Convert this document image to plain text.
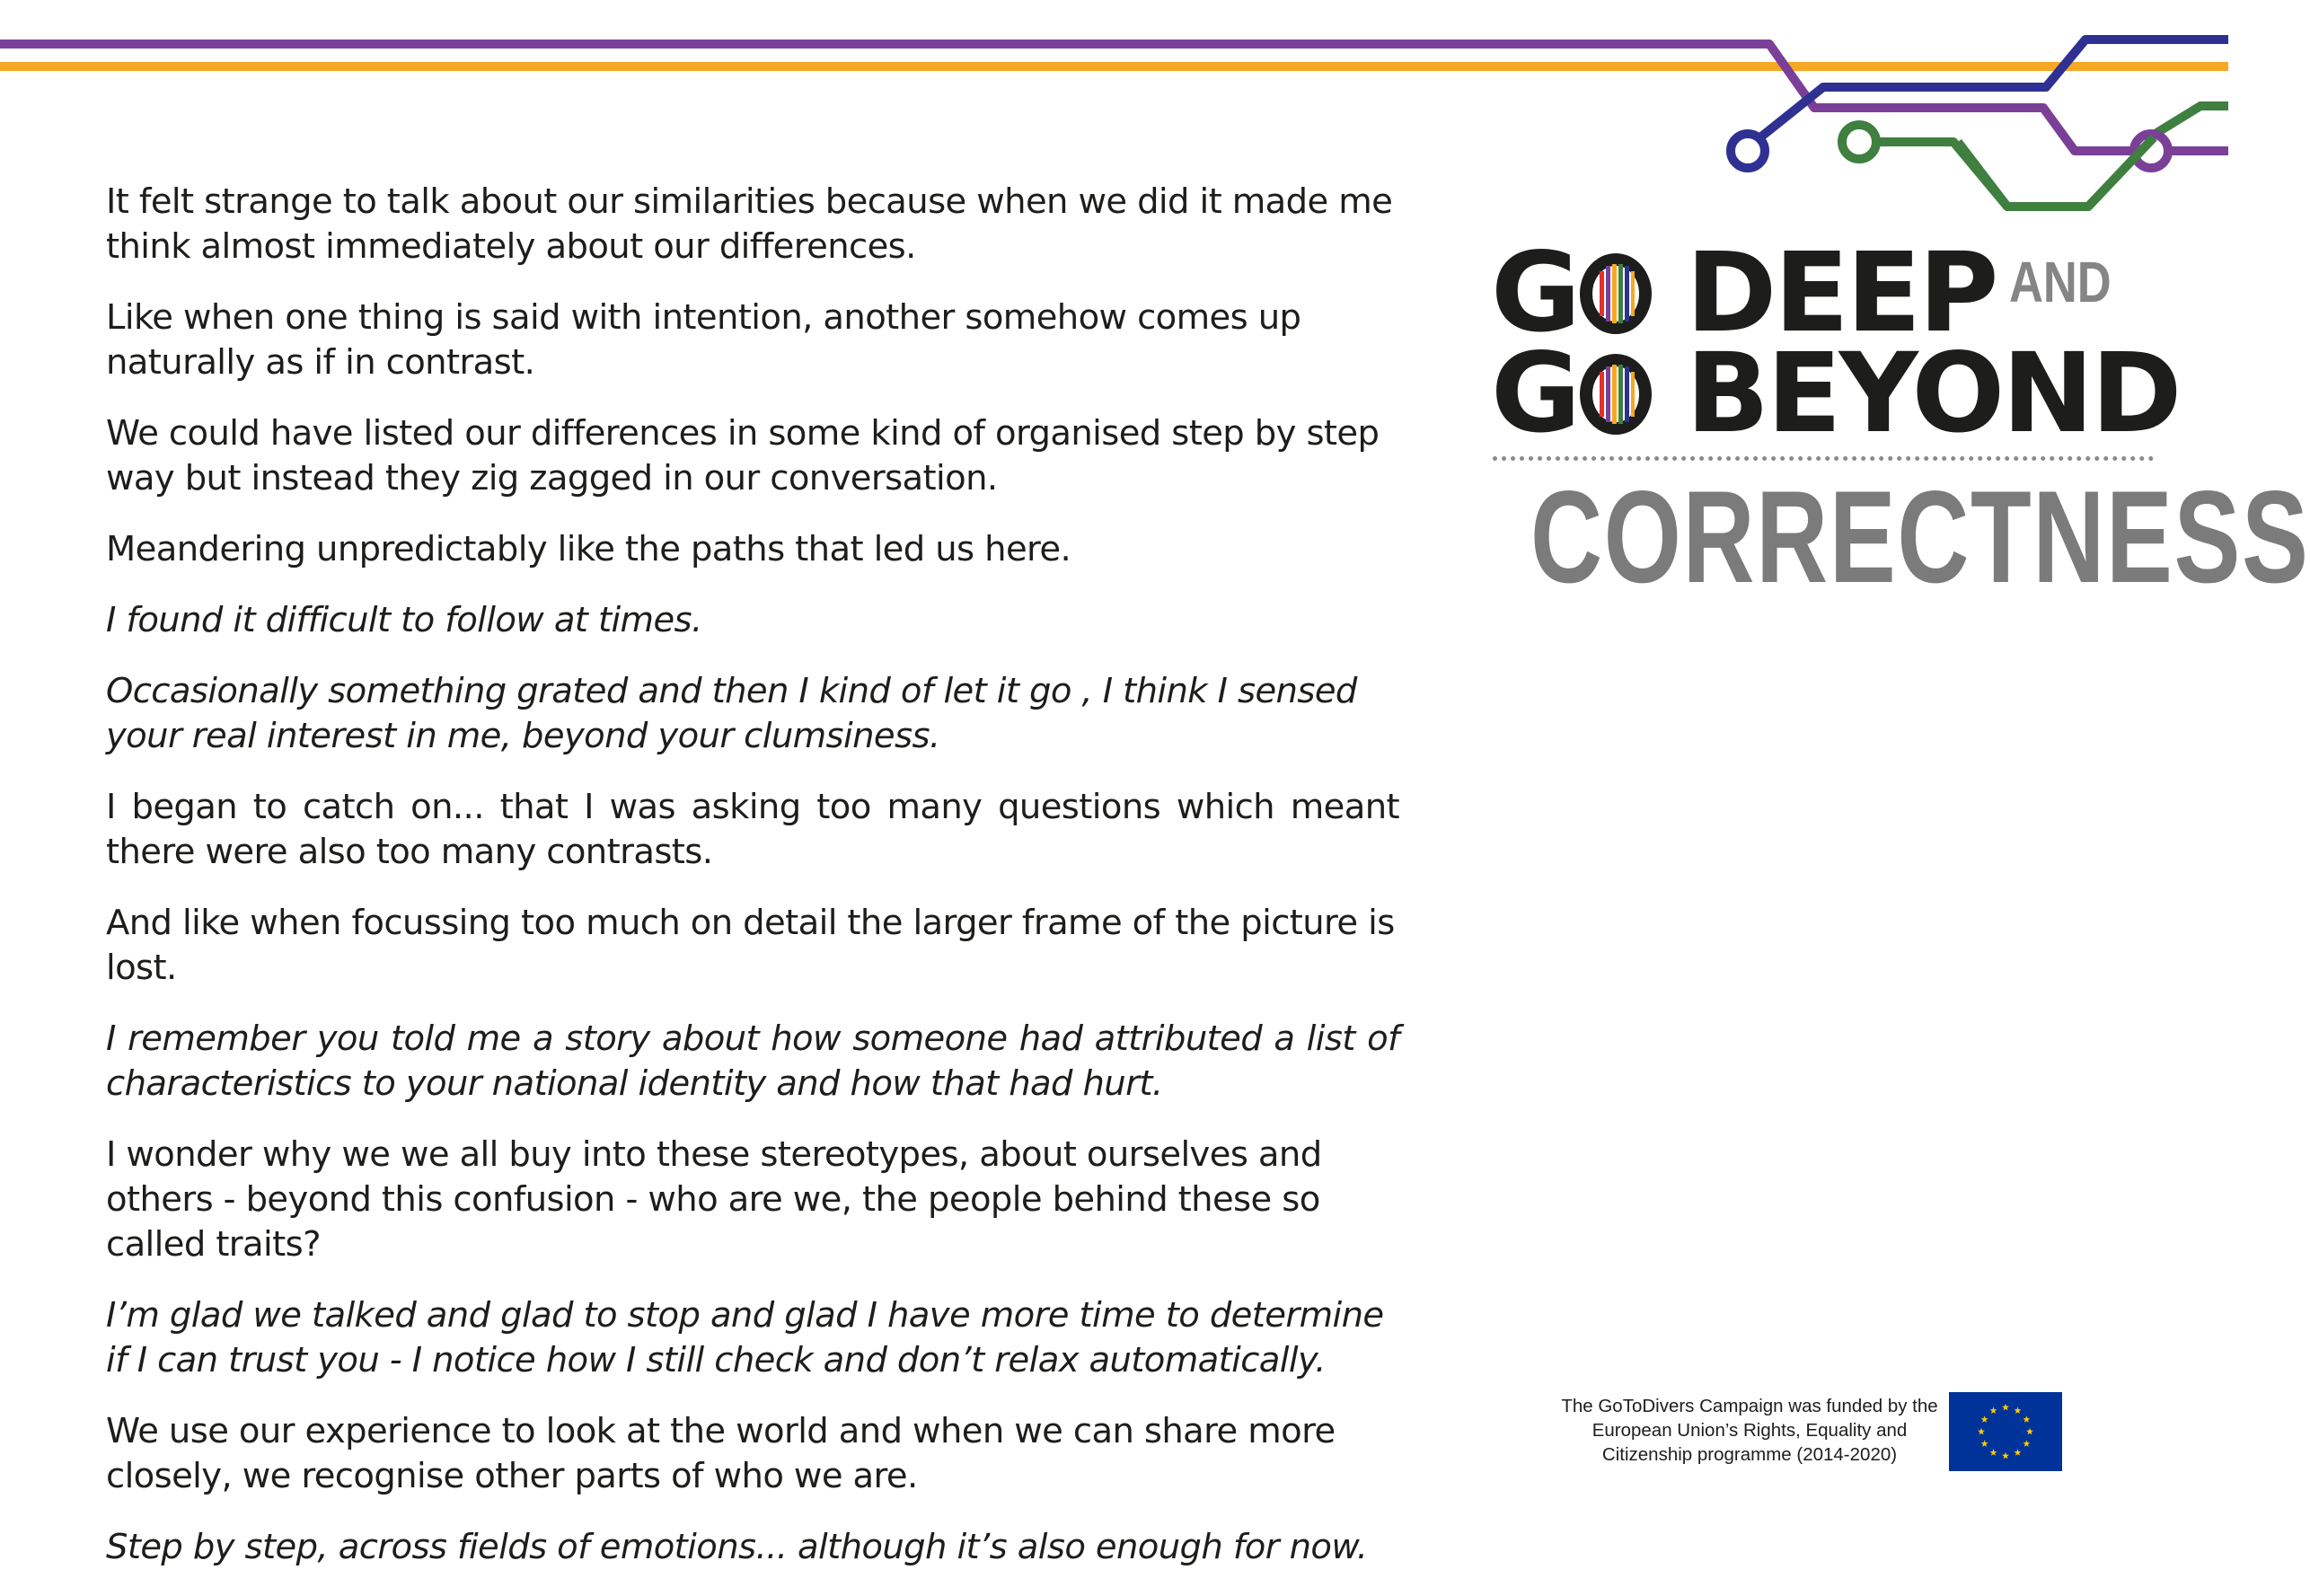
It felt strange to talk about our similarities because when we did it made me think almost immediately about our differences.

Like when one thing is said with intention, another somehow comes up naturally as if in contrast.

We could have listed our differences in some kind of organised step by step way but instead they zig zagged in our conversation.

Meandering unpredictably like the paths that led us here.

I found it difficult to follow at times.

Occasionally something grated and then I kind of let it go , I think I sensed your real interest in me, beyond your clumsiness.

I began to catch on... that I was asking too many questions which meant there were also too many contrasts.

And like when focussing too much on detail the larger frame of the picture is lost.

I remember you told me a story about how someone had attributed a list of characteristics to your national identity and how that had hurt.

I wonder why we we all buy into these stereotypes, about ourselves and others - beyond this confusion - who are we, the people behind these so called traits?

I’m glad we talked and glad to stop and glad I have more time to determine if I can trust you - I notice how I still check and don’t relax automatically.

We use our experience to look at the world and when we can share more closely, we recognise other parts of who we are.

Step by step, across fields of emotions... although it’s also enough for now.

G DEEP AND
G BEYOND
CORRECTNESS
The GoToDivers Campaign was funded by the European Union’s Rights, Equality and Citizenship programme (2014-2020)
